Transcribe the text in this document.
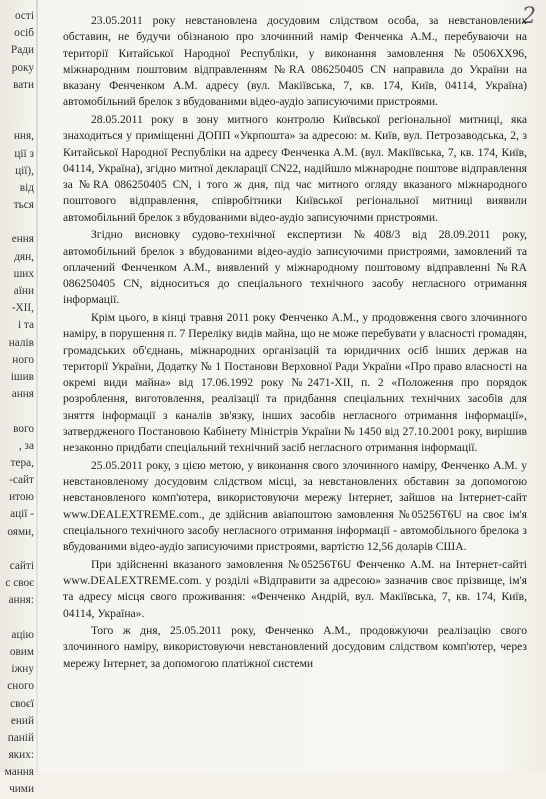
2
ості
осіб
Ради
року
вати
ння,
ції з
ції),
від
ться
ення
дян,
ших
аїни
-XII,
і та
налів
ного
ішив
ання
вого
, за
тера,
-сайт
итою
ації -
оями,
сайті
с своє
ання:
ацію
овим
іжну
сного
своєї
ений
паній
яких:
мання
чими

23.05.2011 року невстановлена досудовим слідством особа, за невстановлених обставин, не будучи обізнаною про злочинний намір Фенченка А.М., перебуваючи на території Китайської Народної Республіки, у виконання замовлення №0506XX96, міжнародним поштовим відправленням №RA 086250405 CN направила до України на вказану Фенченком А.М. адресу (вул. Макіївська, 7, кв. 174, Київ, 04114, Україна) автомобільний брелок з вбудованими відео-аудіо записуючими пристроями.

28.05.2011 року в зону митного контролю Київської регіональної митниці, яка знаходиться у приміщенні ДОПП «Укрпошта» за адресою: м. Київ, вул. Петрозаводська, 2, з Китайської Народної Республіки на адресу Фенченка А.М. (вул. Макіївська, 7, кв. 174, Київ, 04114, Україна), згідно митної декларації CN22, надійшло міжнародне поштове відправлення за №RA 086250405 CN, і того ж дня, під час митного огляду вказаного міжнародного поштового відправлення, співробітники Київської регіональної митниці виявили автомобільний брелок з вбудованими відео-аудіо записуючими пристроями.

Згідно висновку судово-технічної експертизи №408/3 від 28.09.2011 року, автомобільний брелок з вбудованими відео-аудіо записуючими пристроями, замовлений та оплачений Фенченком А.М., виявлений у міжнародному поштовому відправленні №RA 086250405 CN, відноситься до спеціального технічного засобу негласного отримання інформації.

Крім цього, в кінці травня 2011 року Фенченко А.М., у продовження свого злочинного наміру, в порушення п. 7 Переліку видів майна, що не може перебувати у власності громадян, громадських об'єднань, міжнародних організацій та юридичних осіб інших держав на території України, Додатку № 1 Постанови Верховної Ради України «Про право власності на окремі види майна» від 17.06.1992 року №2471-XII, п. 2 «Положення про порядок розроблення, виготовлення, реалізації та придбання спеціальних технічних засобів для зняття інформації з каналів зв'язку, інших засобів негласного отримання інформації», затвердженого Постановою Кабінету Міністрів України № 1450 від 27.10.2001 року, вирішив незаконно придбати спеціальний технічний засіб негласного отримання інформації.

25.05.2011 року, з цією метою, у виконання свого злочинного наміру, Фенченко А.М. у невстановленому досудовим слідством місці, за невстановлених обставин за допомогою невстановленого комп'ютера, використовуючи мережу Інтернет, зайшов на Інтернет-сайт www.DEALEXTREME.com., де здійснив авіапоштою замовлення №05256T6U на своє ім'я спеціального технічного засобу негласного отримання інформації - автомобільного брелока з вбудованими відео-аудіо записуючими пристроями, вартістю 12,56 доларів США.

При здійсненні вказаного замовлення №05256T6U Фенченко А.М. на Інтернет-сайті www.DEALEXTREME.com. у розділі «Відправити за адресою» зазначив своє прізвище, ім'я та адресу місця свого проживання: «Фенченко Андрій, вул. Макіївська, 7, кв. 174, Київ, 04114, Україна».

Того ж дня, 25.05.2011 року, Фенченко А.М., продовжуючи реалізацію свого злочинного наміру, використовуючи невстановлений досудовим слідством комп'ютер, через мережу Інтернет, за допомогою платіжної системи
